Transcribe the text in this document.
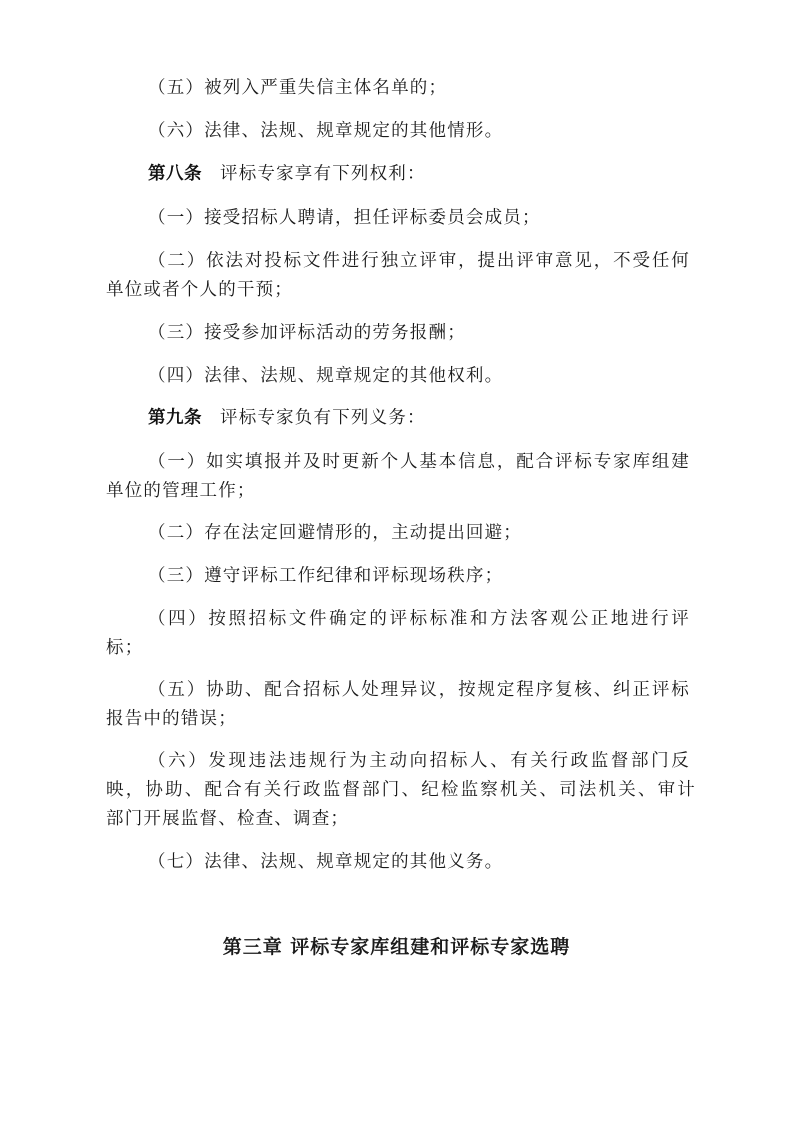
（五）被列入严重失信主体名单的；
（六）法律、法规、规章规定的其他情形。
第八条 评标专家享有下列权利：
（一）接受招标人聘请，担任评标委员会成员；
（二）依法对投标文件进行独立评审，提出评审意见，不受任何
单位或者个人的干预；
（三）接受参加评标活动的劳务报酬；
（四）法律、法规、规章规定的其他权利。
第九条 评标专家负有下列义务：
（一）如实填报并及时更新个人基本信息，配合评标专家库组建
单位的管理工作；
（二）存在法定回避情形的，主动提出回避；
（三）遵守评标工作纪律和评标现场秩序；
（四）按照招标文件确定的评标标准和方法客观公正地进行评
标；
（五）协助、配合招标人处理异议，按规定程序复核、纠正评标
报告中的错误；
（六）发现违法违规行为主动向招标人、有关行政监督部门反
映，协助、配合有关行政监督部门、纪检监察机关、司法机关、审计
部门开展监督、检查、调查；
（七）法律、法规、规章规定的其他义务。
第三章 评标专家库组建和评标专家选聘
